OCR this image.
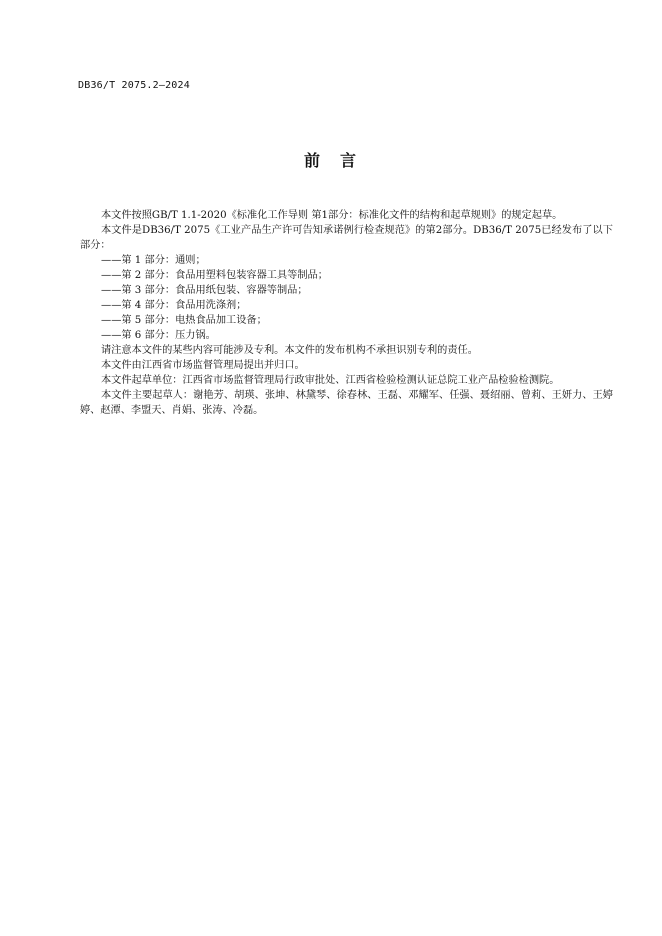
DB36/T 2075.2—2024
前　言

本文件按照GB/T 1.1-2020《标准化工作导则 第1部分：标准化文件的结构和起草规则》的规定起草。

本文件是DB36/T 2075《工业产品生产许可告知承诺例行检查规范》的第2部分。DB36/T 2075已经发布了以下部分：

——第 1 部分：通则；

——第 2 部分：食品用塑料包装容器工具等制品；

——第 3 部分：食品用纸包装、容器等制品；

——第 4 部分：食品用洗涤剂；

——第 5 部分：电热食品加工设备；

——第 6 部分：压力锅。

请注意本文件的某些内容可能涉及专利。本文件的发布机构不承担识别专利的责任。

本文件由江西省市场监督管理局提出并归口。

本文件起草单位：江西省市场监督管理局行政审批处、江西省检验检测认证总院工业产品检验检测院。

本文件主要起草人：谢艳芳、胡瑛、张坤、林黛琴、徐春林、王磊、邓耀军、任强、聂绍丽、曾莉、王妍力、王婷婷、赵潭、李盟天、肖娟、张涛、冷磊。
